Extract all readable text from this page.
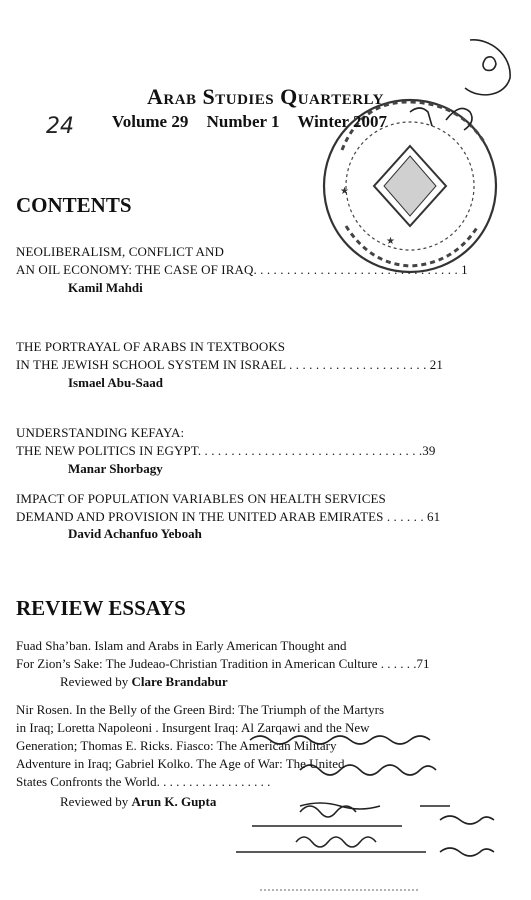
★
★
Arab Studies Quarterly
24 Volume 29 Number 1 Winter 2007
CONTENTS
NEOLIBERALISM, CONFLICT AND
AN OIL ECONOMY: THE CASE OF IRAQ. . . . . . . . . . . . . . . . . . . . . . . . . . . . . . . 1
Kamil Mahdi
THE PORTRAYAL OF ARABS IN TEXTBOOKS
IN THE JEWISH SCHOOL SYSTEM IN ISRAEL . . . . . . . . . . . . . . . . . . . . . 21
Ismael Abu-Saad
UNDERSTANDING KEFAYA:
THE NEW POLITICS IN EGYPT. . . . . . . . . . . . . . . . . . . . . . . . . . . . . . . . . .39
Manar Shorbagy
IMPACT OF POPULATION VARIABLES ON HEALTH SERVICES
DEMAND AND PROVISION IN THE UNITED ARAB EMIRATES . . . . . . 61
David Achanfuo Yeboah
REVIEW ESSAYS
Fuad Sha’ban. Islam and Arabs in Early American Thought and
For Zion’s Sake: The Judeao-Christian Tradition in American Culture . . . . . .71
Reviewed by Clare Brandabur
Nir Rosen. In the Belly of the Green Bird: The Triumph of the Martyrs
in Iraq; Loretta Napoleoni . Insurgent Iraq: Al Zarqawi and the New
Generation; Thomas E. Ricks. Fiasco: The American Military
Adventure in Iraq; Gabriel Kolko. The Age of War: The United
States Confronts the World. . . . . . . . . . . . . . . . . .
Reviewed by Arun K. Gupta
